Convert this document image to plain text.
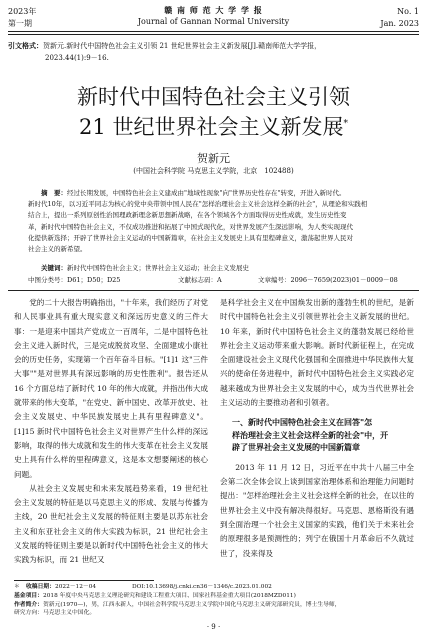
2023年
第一期
赣 南 师 范 大 学 学 报
Journal of Gannan Normal University
No. 1
Jan. 2023
引文格式：贺新元.新时代中国特色社会主义引领 21 世纪世界社会主义新发展[J].赣南师范大学学报，
2023.44(1):9－16.
新时代中国特色社会主义引领
21 世纪世界社会主义新发展*
贺新元
(中国社会科学院 马克思主义学院，北京　102488)
摘　要：经过长期发展，中国特色社会主义建成由"地域性现象"向"世界历史性存在"转变，开进入新时代。
新时代10年，以习近平同志为核心的党中央带领中国人民在"怎样治理社会主义社会这样全新的社会"，从理论和实践相
结合上，提出一系列原创性治国理政新理念新思想新战略，在各个领域各个方面取得历史性成就，发生历史性变
革，新时代中国特色社会主义，不仅成功推进和拓展了中国式现代化，对世界发展产生深远影响，为人类实现现代
化提供新选择；开辟了世界社会主义运动的中国新篇章，在社会主义发展史上具有里程碑意义，激荡起世界人民对
社会主义的新希望。
关键词：新时代中国特色社会主义；世界社会主义运动；社会主义发展史
中图分类号：D61；D50；D25	文献标志码：A	文章编号：2096－7659(2023)01－0009－08

党的二十大报告明确指出，"十年来，我们经历了对党和人民事业具有重大现实意义和深远历史意义的三件大事：一是迎来中国共产党成立一百周年，二是中国特色社会主义进入新时代，三是完成脱贫攻坚、全面建成小康社会的历史任务，实现第一个百年奋斗目标。"[1]1 这"三件大事""是对世界具有深远影响的历史性胜利"。报告还从 16 个方面总结了新时代 10 年的伟大成就，并指出伟大成就带来的伟大变革，"在党史、新中国史、改革开放史、社会主义发展史、中华民族发展史上具有里程碑意义"。[1]15 新时代中国特色社会主义对世界产生什么样的深远影响，取得的伟大成就和发生的伟大变革在社会主义发展史上具有什么样的里程碑意义，这是本文想要阐述的核心问题。

从社会主义发展史和未来发展趋势来看，19 世纪社会主义发展的特征是以马克思主义的形成、发展与传播为主线，20 世纪社会主义发展的特征则主要是以苏东社会主义和东亚社会主义的伟大实践为标识，21 世纪社会主义发展的特征则主要是以新时代中国特色社会主义的伟大实践为标识，而 21 世纪又

是科学社会主义在中国焕发出新的蓬勃生机的世纪，是新时代中国特色社会主义引领世界社会主义新发展的世纪。10 年来，新时代中国特色社会主义的蓬勃发展已经给世界社会主义运动带来重大影响。新时代新征程上，在完成全面建设社会主义现代化强国和全面推进中华民族伟大复兴的使命任务进程中，新时代中国特色社会主义实践必定越来越成为世界社会主义发展的中心，成为当代世界社会主义运动的主要推动者和引领者。

一、新时代中国特色社会主义在回答"怎
样治理社会主义社会这样全新的社会"中，开
辟了世界社会主义发展的中国新篇章

2013 年 11 月 12 日，习近平在中共十八届三中全会第二次全体会议上谈到国家治理体系和治理能力问题时提出："怎样治理社会主义社会这样全新的社会，在以往的世界社会主义中没有解决得很好。马克思、恩格斯没有遇到全面治理一个社会主义国家的实践，他们关于未来社会的原理很多是预测性的；列宁在俄国十月革命后不久就过世了，没来得及

＊ 收稿日期：2022－12－04	DOI:10.13698/j.cnki.cn36－1346/c.2023.01.002
基金项目：2018 年度中央马克思主义理论研究和建设工程重大项目、国家社科基金重大项目(2018MZD011)
作者简介：贺新元(1970—)，男，江西永新人，中国社会科学院马克思主义学院中国化马克思主义研究部研究员，博士生导师，
研究方向：马克思主义中国化。
· 9 ·
